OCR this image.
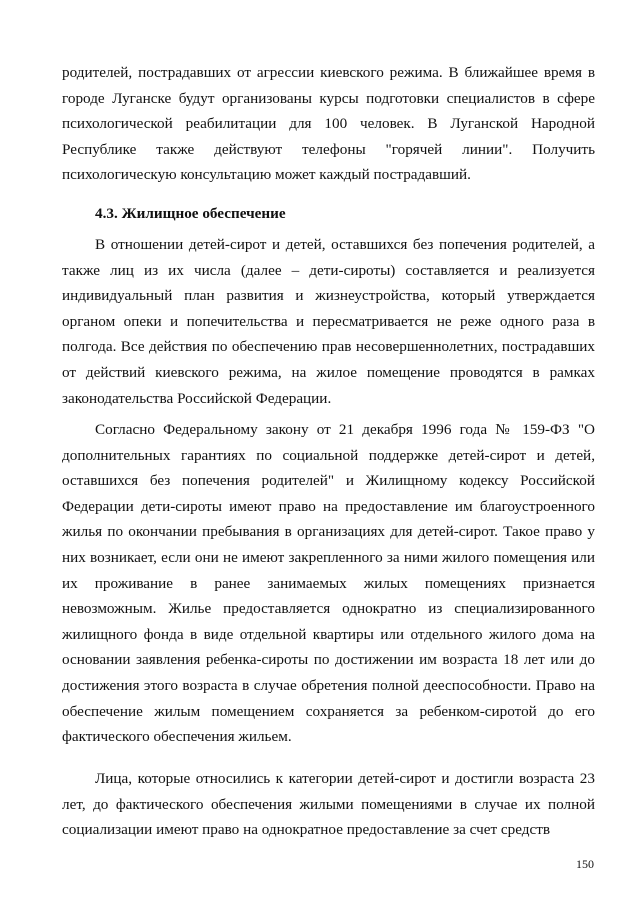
родителей, пострадавших от агрессии киевского режима. В ближайшее время в городе Луганске будут организованы курсы подготовки специалистов в сфере психологической реабилитации для 100 человек. В Луганской Народной Республике также действуют телефоны "горячей линии". Получить психологическую консультацию может каждый пострадавший.

4.3. Жилищное обеспечение

В отношении детей-сирот и детей, оставшихся без попечения родителей, а также лиц из их числа (далее – дети-сироты) составляется и реализуется индивидуальный план развития и жизнеустройства, который утверждается органом опеки и попечительства и пересматривается не реже одного раза в полгода. Все действия по обеспечению прав несовершеннолетних, пострадавших от действий киевского режима, на жилое помещение проводятся в рамках законодательства Российской Федерации.

Согласно Федеральному закону от 21 декабря 1996 года № 159-ФЗ "О дополнительных гарантиях по социальной поддержке детей-сирот и детей, оставшихся без попечения родителей" и Жилищному кодексу Российской Федерации дети-сироты имеют право на предоставление им благоустроенного жилья по окончании пребывания в организациях для детей-сирот. Такое право у них возникает, если они не имеют закрепленного за ними жилого помещения или их проживание в ранее занимаемых жилых помещениях признается невозможным. Жилье предоставляется однократно из специализированного жилищного фонда в виде отдельной квартиры или отдельного жилого дома на основании заявления ребенка-сироты по достижении им возраста 18 лет или до достижения этого возраста в случае обретения полной дееспособности. Право на обеспечение жилым помещением сохраняется за ребенком-сиротой до его фактического обеспечения жильем.

Лица, которые относились к категории детей-сирот и достигли возраста 23 лет, до фактического обеспечения жилыми помещениями в случае их полной социализации имеют право на однократное предоставление за счет средств

150
